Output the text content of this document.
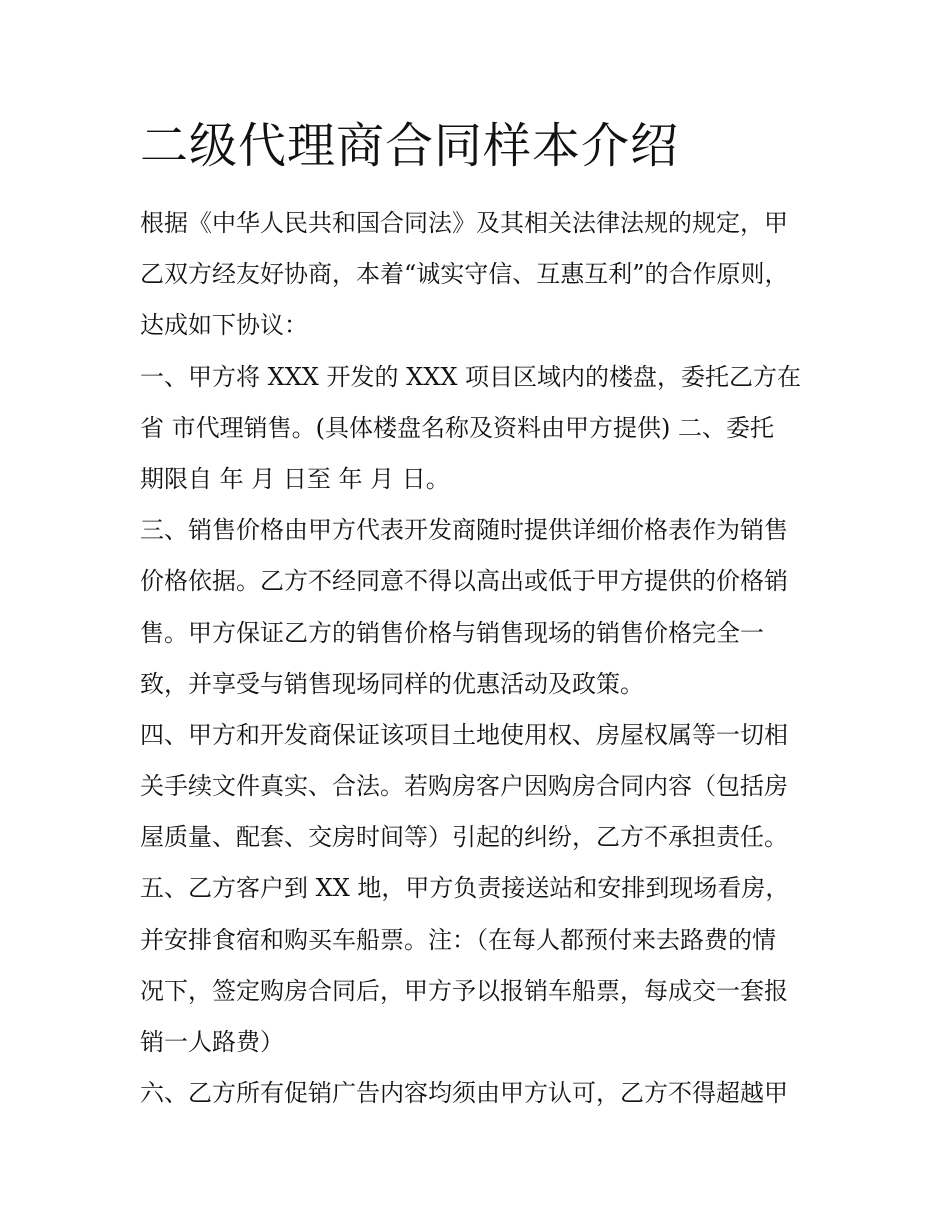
二级代理商合同样本介绍
根据《中华人民共和国合同法》及其相关法律法规的规定，甲
乙双方经友好协商，本着“诚实守信、互惠互利”的合作原则，
达成如下协议：
一、甲方将 XXX 开发的 XXX 项目区域内的楼盘，委托乙方在
省 市代理销售。(具体楼盘名称及资料由甲方提供) 二、委托
期限自 年 月 日至 年 月 日。
三、销售价格由甲方代表开发商随时提供详细价格表作为销售
价格依据。乙方不经同意不得以高出或低于甲方提供的价格销
售。甲方保证乙方的销售价格与销售现场的销售价格完全一
致，并享受与销售现场同样的优惠活动及政策。
四、甲方和开发商保证该项目土地使用权、房屋权属等一切相
关手续文件真实、合法。若购房客户因购房合同内容（包括房
屋质量、配套、交房时间等）引起的纠纷，乙方不承担责任。
五、乙方客户到 XX 地，甲方负责接送站和安排到现场看房，
并安排食宿和购买车船票。注：（在每人都预付来去路费的情
况下，签定购房合同后，甲方予以报销车船票，每成交一套报
销一人路费）
六、乙方所有促销广告内容均须由甲方认可，乙方不得超越甲
